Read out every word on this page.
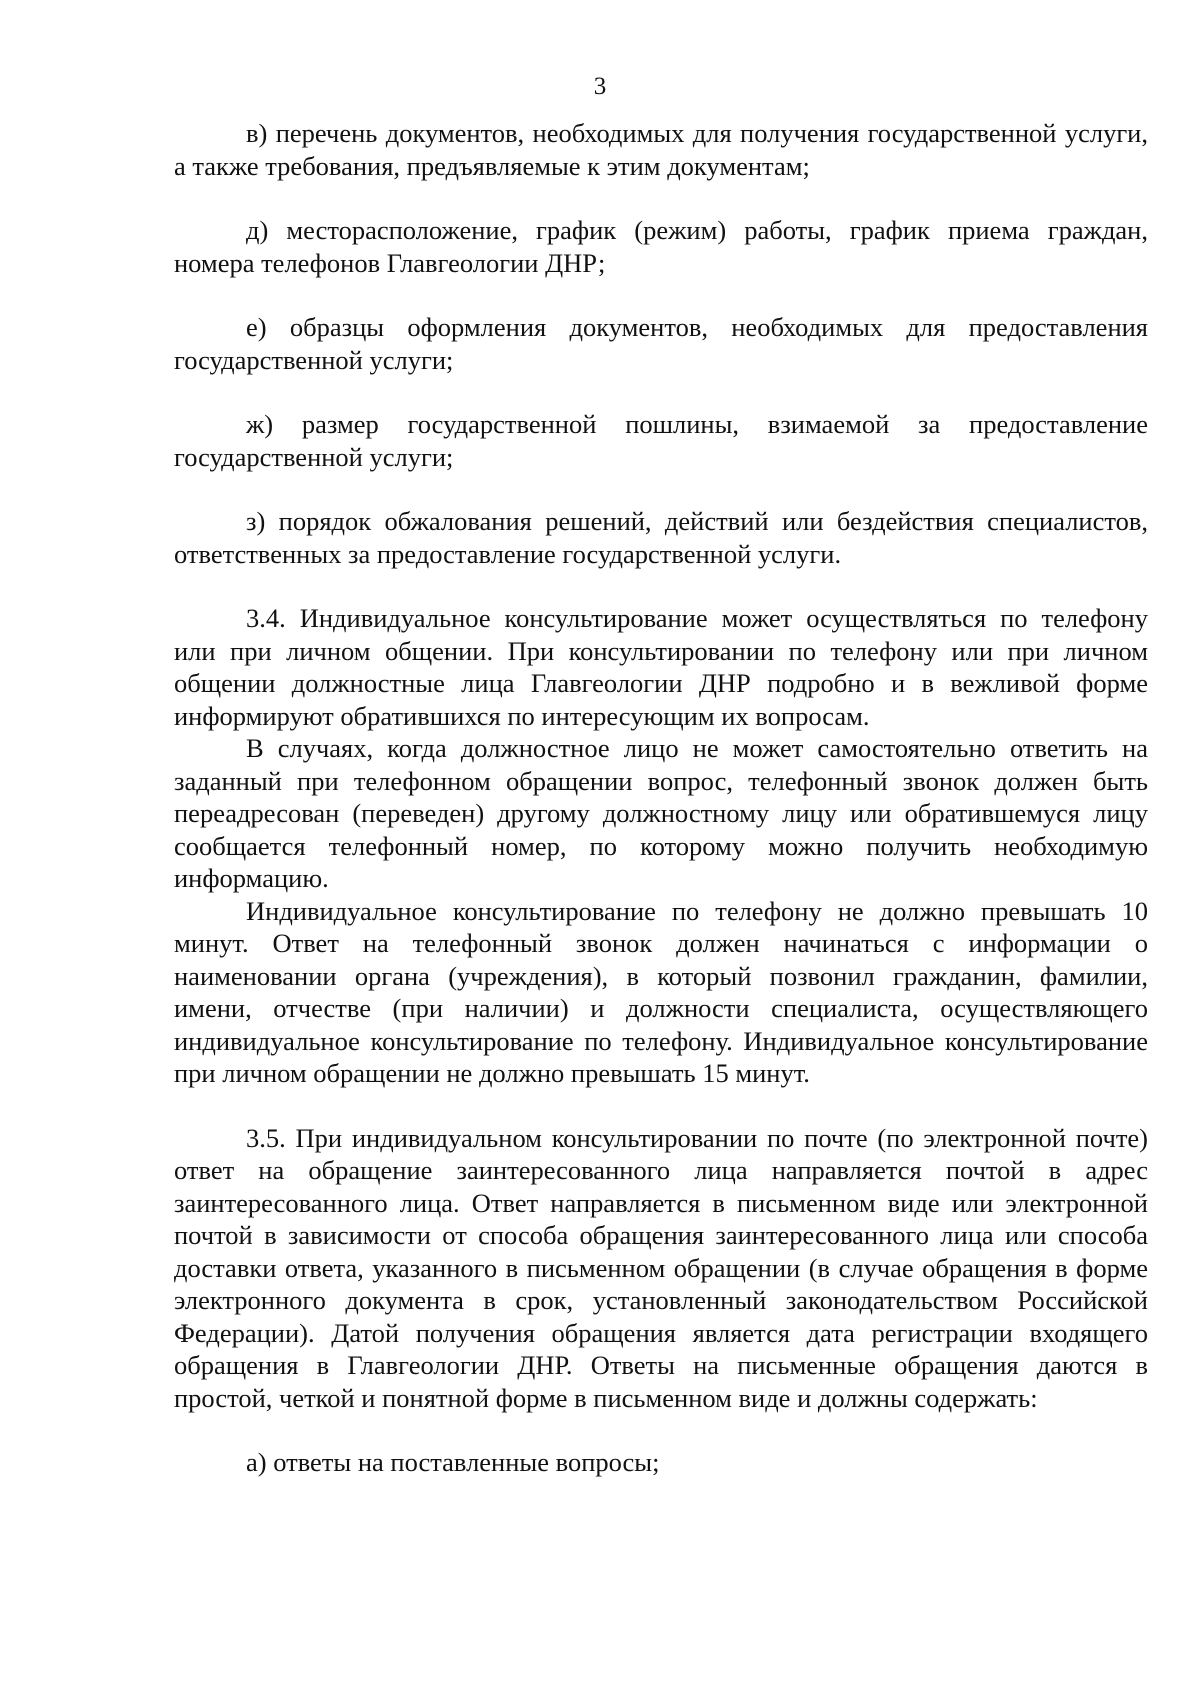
3

в) перечень документов, необходимых для получения государственной услуги, а также требования, предъявляемые к этим документам;

д) месторасположение, график (режим) работы, график приема граждан, номера телефонов Главгеологии ДНР;

е) образцы оформления документов, необходимых для предоставления государственной услуги;

ж) размер государственной пошлины, взимаемой за предоставление государственной услуги;

з) порядок обжалования решений, действий или бездействия специалистов, ответственных за предоставление государственной услуги.

3.4. Индивидуальное консультирование может осуществляться по телефону или при личном общении. При консультировании по телефону или при личном общении должностные лица Главгеологии ДНР подробно и в вежливой форме информируют обратившихся по интересующим их вопросам.

В случаях, когда должностное лицо не может самостоятельно ответить на заданный при телефонном обращении вопрос, телефонный звонок должен быть переадресован (переведен) другому должностному лицу или обратившемуся лицу сообщается телефонный номер, по которому можно получить необходимую информацию.

Индивидуальное консультирование по телефону не должно превышать 10 минут. Ответ на телефонный звонок должен начинаться с информации о наименовании органа (учреждения), в который позвонил гражданин, фамилии, имени, отчестве (при наличии) и должности специалиста, осуществляющего индивидуальное консультирование по телефону. Индивидуальное консультирование при личном обращении не должно превышать 15 минут.

3.5. При индивидуальном консультировании по почте (по электронной почте) ответ на обращение заинтересованного лица направляется почтой в адрес заинтересованного лица. Ответ направляется в письменном виде или электронной почтой в зависимости от способа обращения заинтересованного лица или способа доставки ответа, указанного в письменном обращении (в случае обращения в форме электронного документа в срок, установленный законодательством Российской Федерации). Датой получения обращения является дата регистрации входящего обращения в Главгеологии ДНР. Ответы на письменные обращения даются в простой, четкой и понятной форме в письменном виде и должны содержать:

а) ответы на поставленные вопросы;
